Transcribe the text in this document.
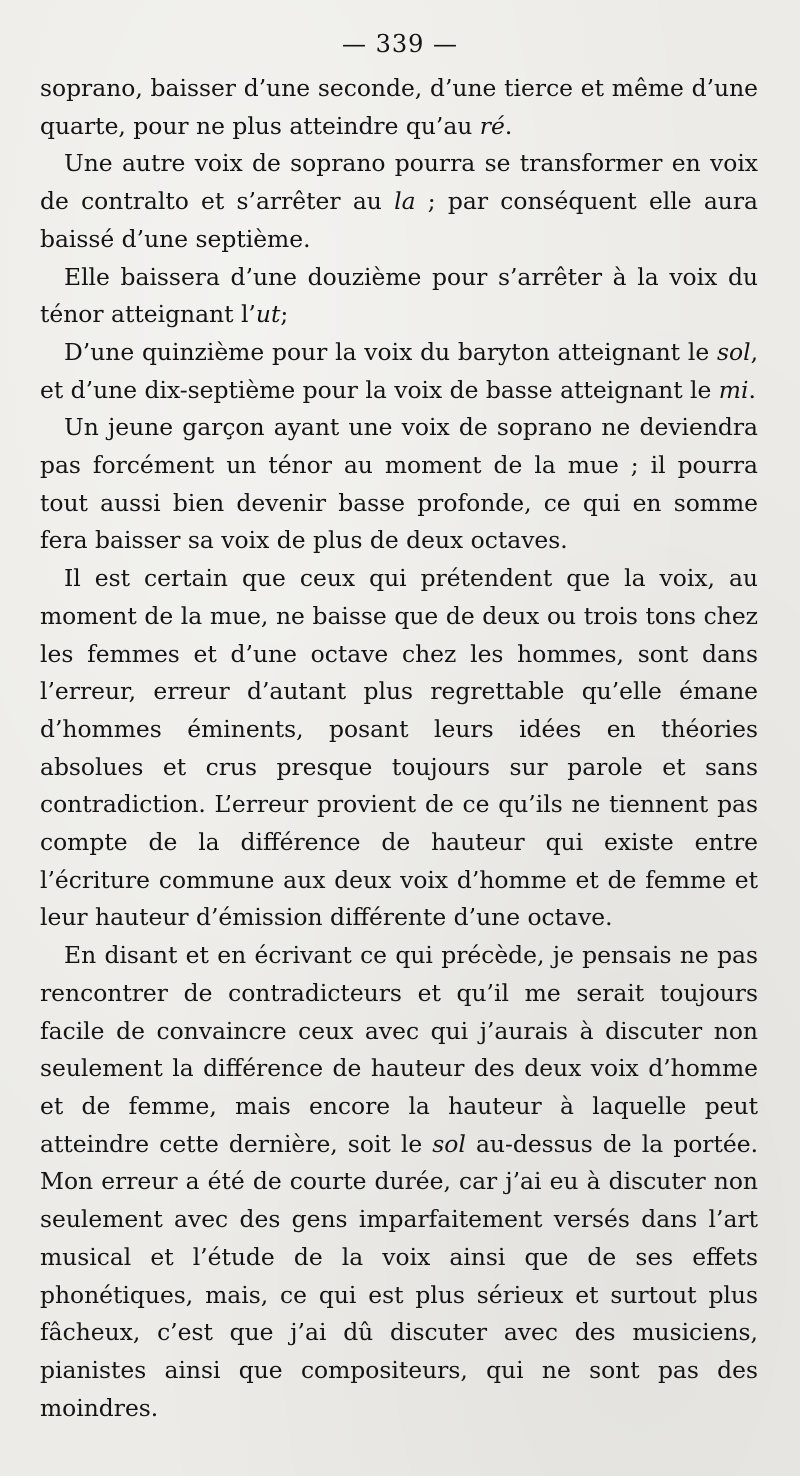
— 339 —

soprano, baisser d’une seconde, d’une tierce et même d’une quarte, pour ne plus atteindre qu’au ré.

Une autre voix de soprano pourra se transformer en voix de contralto et s’arrêter au la ; par conséquent elle aura baissé d’une septième.

Elle baissera d’une douzième pour s’arrêter à la voix du ténor atteignant l’ut;

D’une quinzième pour la voix du baryton atteignant le sol, et d’une dix-septième pour la voix de basse atteignant le mi.

Un jeune garçon ayant une voix de soprano ne deviendra pas forcément un ténor au moment de la mue ; il pourra tout aussi bien devenir basse profonde, ce qui en somme fera baisser sa voix de plus de deux octaves.

Il est certain que ceux qui prétendent que la voix, au moment de la mue, ne baisse que de deux ou trois tons chez les femmes et d’une octave chez les hommes, sont dans l’erreur, erreur d’autant plus regrettable qu’elle émane d’hommes éminents, posant leurs idées en théories absolues et crus presque toujours sur parole et sans contradiction. L’erreur provient de ce qu’ils ne tiennent pas compte de la différence de hauteur qui existe entre l’écriture commune aux deux voix d’homme et de femme et leur hauteur d’émission différente d’une octave.

En disant et en écrivant ce qui précède, je pensais ne pas rencontrer de contradicteurs et qu’il me serait toujours facile de convaincre ceux avec qui j’aurais à discuter non seulement la différence de hauteur des deux voix d’homme et de femme, mais encore la hauteur à laquelle peut atteindre cette dernière, soit le sol au-dessus de la portée. Mon erreur a été de courte durée, car j’ai eu à discuter non seulement avec des gens imparfaitement versés dans l’art musical et l’étude de la voix ainsi que de ses effets phonétiques, mais, ce qui est plus sérieux et surtout plus fâcheux, c’est que j’ai dû discuter avec des musiciens, pianistes ainsi que compositeurs, qui ne sont pas des moindres.
